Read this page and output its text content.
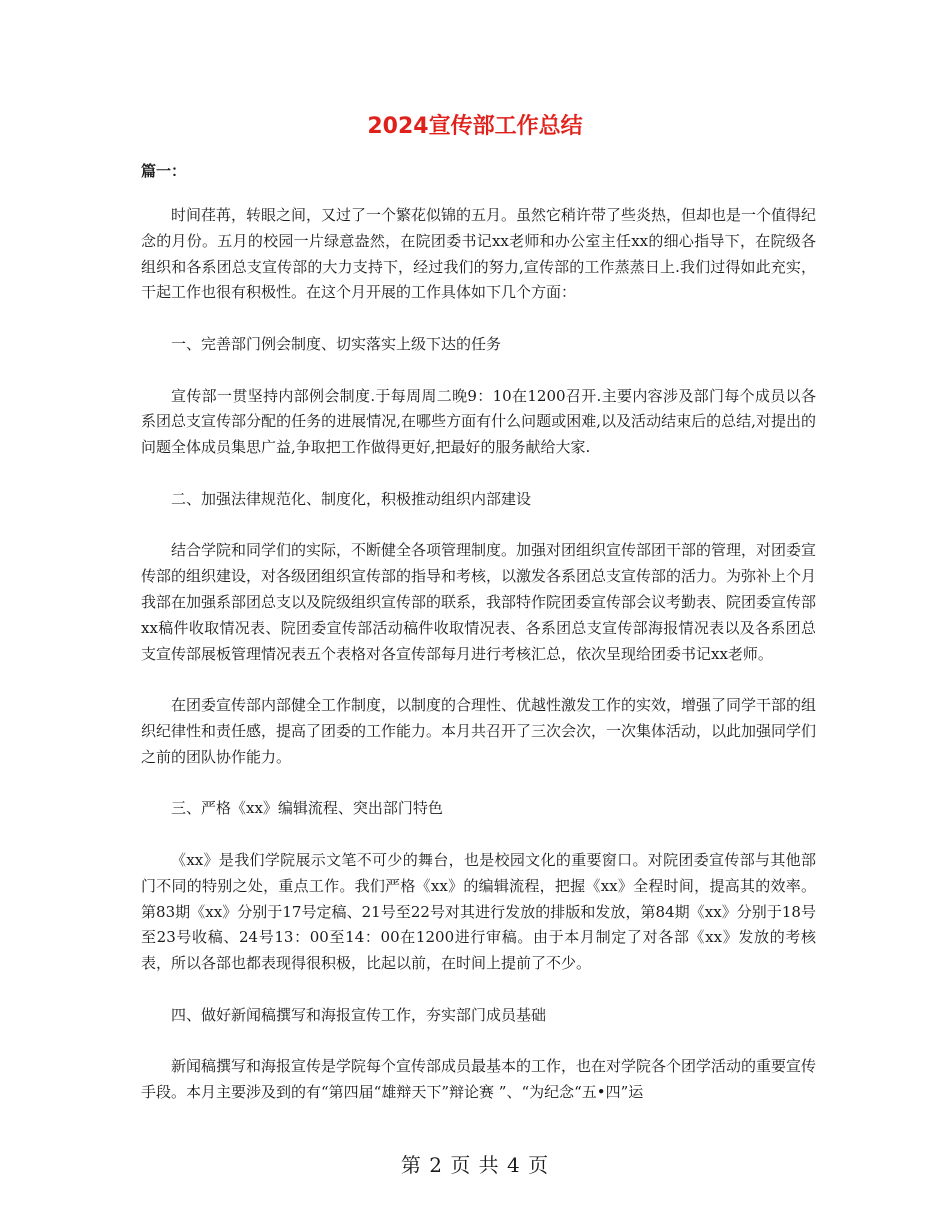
2024宣传部工作总结
篇一：

时间荏苒，转眼之间，又过了一个繁花似锦的五月。虽然它稍许带了些炎热，但却也是一个值得纪念的月份。五月的校园一片绿意盎然，在院团委书记xx老师和办公室主任xx的细心指导下，在院级各组织和各系团总支宣传部的大力支持下，经过我们的努力,宣传部的工作蒸蒸日上.我们过得如此充实，干起工作也很有积极性。在这个月开展的工作具体如下几个方面：

一、完善部门例会制度、切实落实上级下达的任务

宣传部一贯坚持内部例会制度.于每周周二晚9：10在1200召开.主要内容涉及部门每个成员以各系团总支宣传部分配的任务的进展情况,在哪些方面有什么问题或困难,以及活动结束后的总结,对提出的问题全体成员集思广益,争取把工作做得更好,把最好的服务献给大家.

二、加强法律规范化、制度化，积极推动组织内部建设

结合学院和同学们的实际，不断健全各项管理制度。加强对团组织宣传部团干部的管理，对团委宣传部的组织建设，对各级团组织宣传部的指导和考核，以激发各系团总支宣传部的活力。为弥补上个月我部在加强系部团总支以及院级组织宣传部的联系，我部特作院团委宣传部会议考勤表、院团委宣传部xx稿件收取情况表、院团委宣传部活动稿件收取情况表、各系团总支宣传部海报情况表以及各系团总支宣传部展板管理情况表五个表格对各宣传部每月进行考核汇总，依次呈现给团委书记xx老师。

在团委宣传部内部健全工作制度，以制度的合理性、优越性激发工作的实效，增强了同学干部的组织纪律性和责任感，提高了团委的工作能力。本月共召开了三次会次，一次集体活动，以此加强同学们之前的团队协作能力。

三、严格《xx》编辑流程、突出部门特色

《xx》是我们学院展示文笔不可少的舞台，也是校园文化的重要窗口。对院团委宣传部与其他部门不同的特别之处，重点工作。我们严格《xx》的编辑流程，把握《xx》全程时间，提高其的效率。第83期《xx》分别于17号定稿、21号至22号对其进行发放的排版和发放，第84期《xx》分别于18号至23号收稿、24号13：00至14：00在1200进行审稿。由于本月制定了对各部《xx》发放的考核表，所以各部也都表现得很积极，比起以前，在时间上提前了不少。

四、做好新闻稿撰写和海报宣传工作，夯实部门成员基础

新闻稿撰写和海报宣传是学院每个宣传部成员最基本的工作，也在对学院各个团学活动的重要宣传手段。本月主要涉及到的有“第四届“雄辩天下”辩论赛 ”、“为纪念“五•四”运

第 2 页 共 4 页
